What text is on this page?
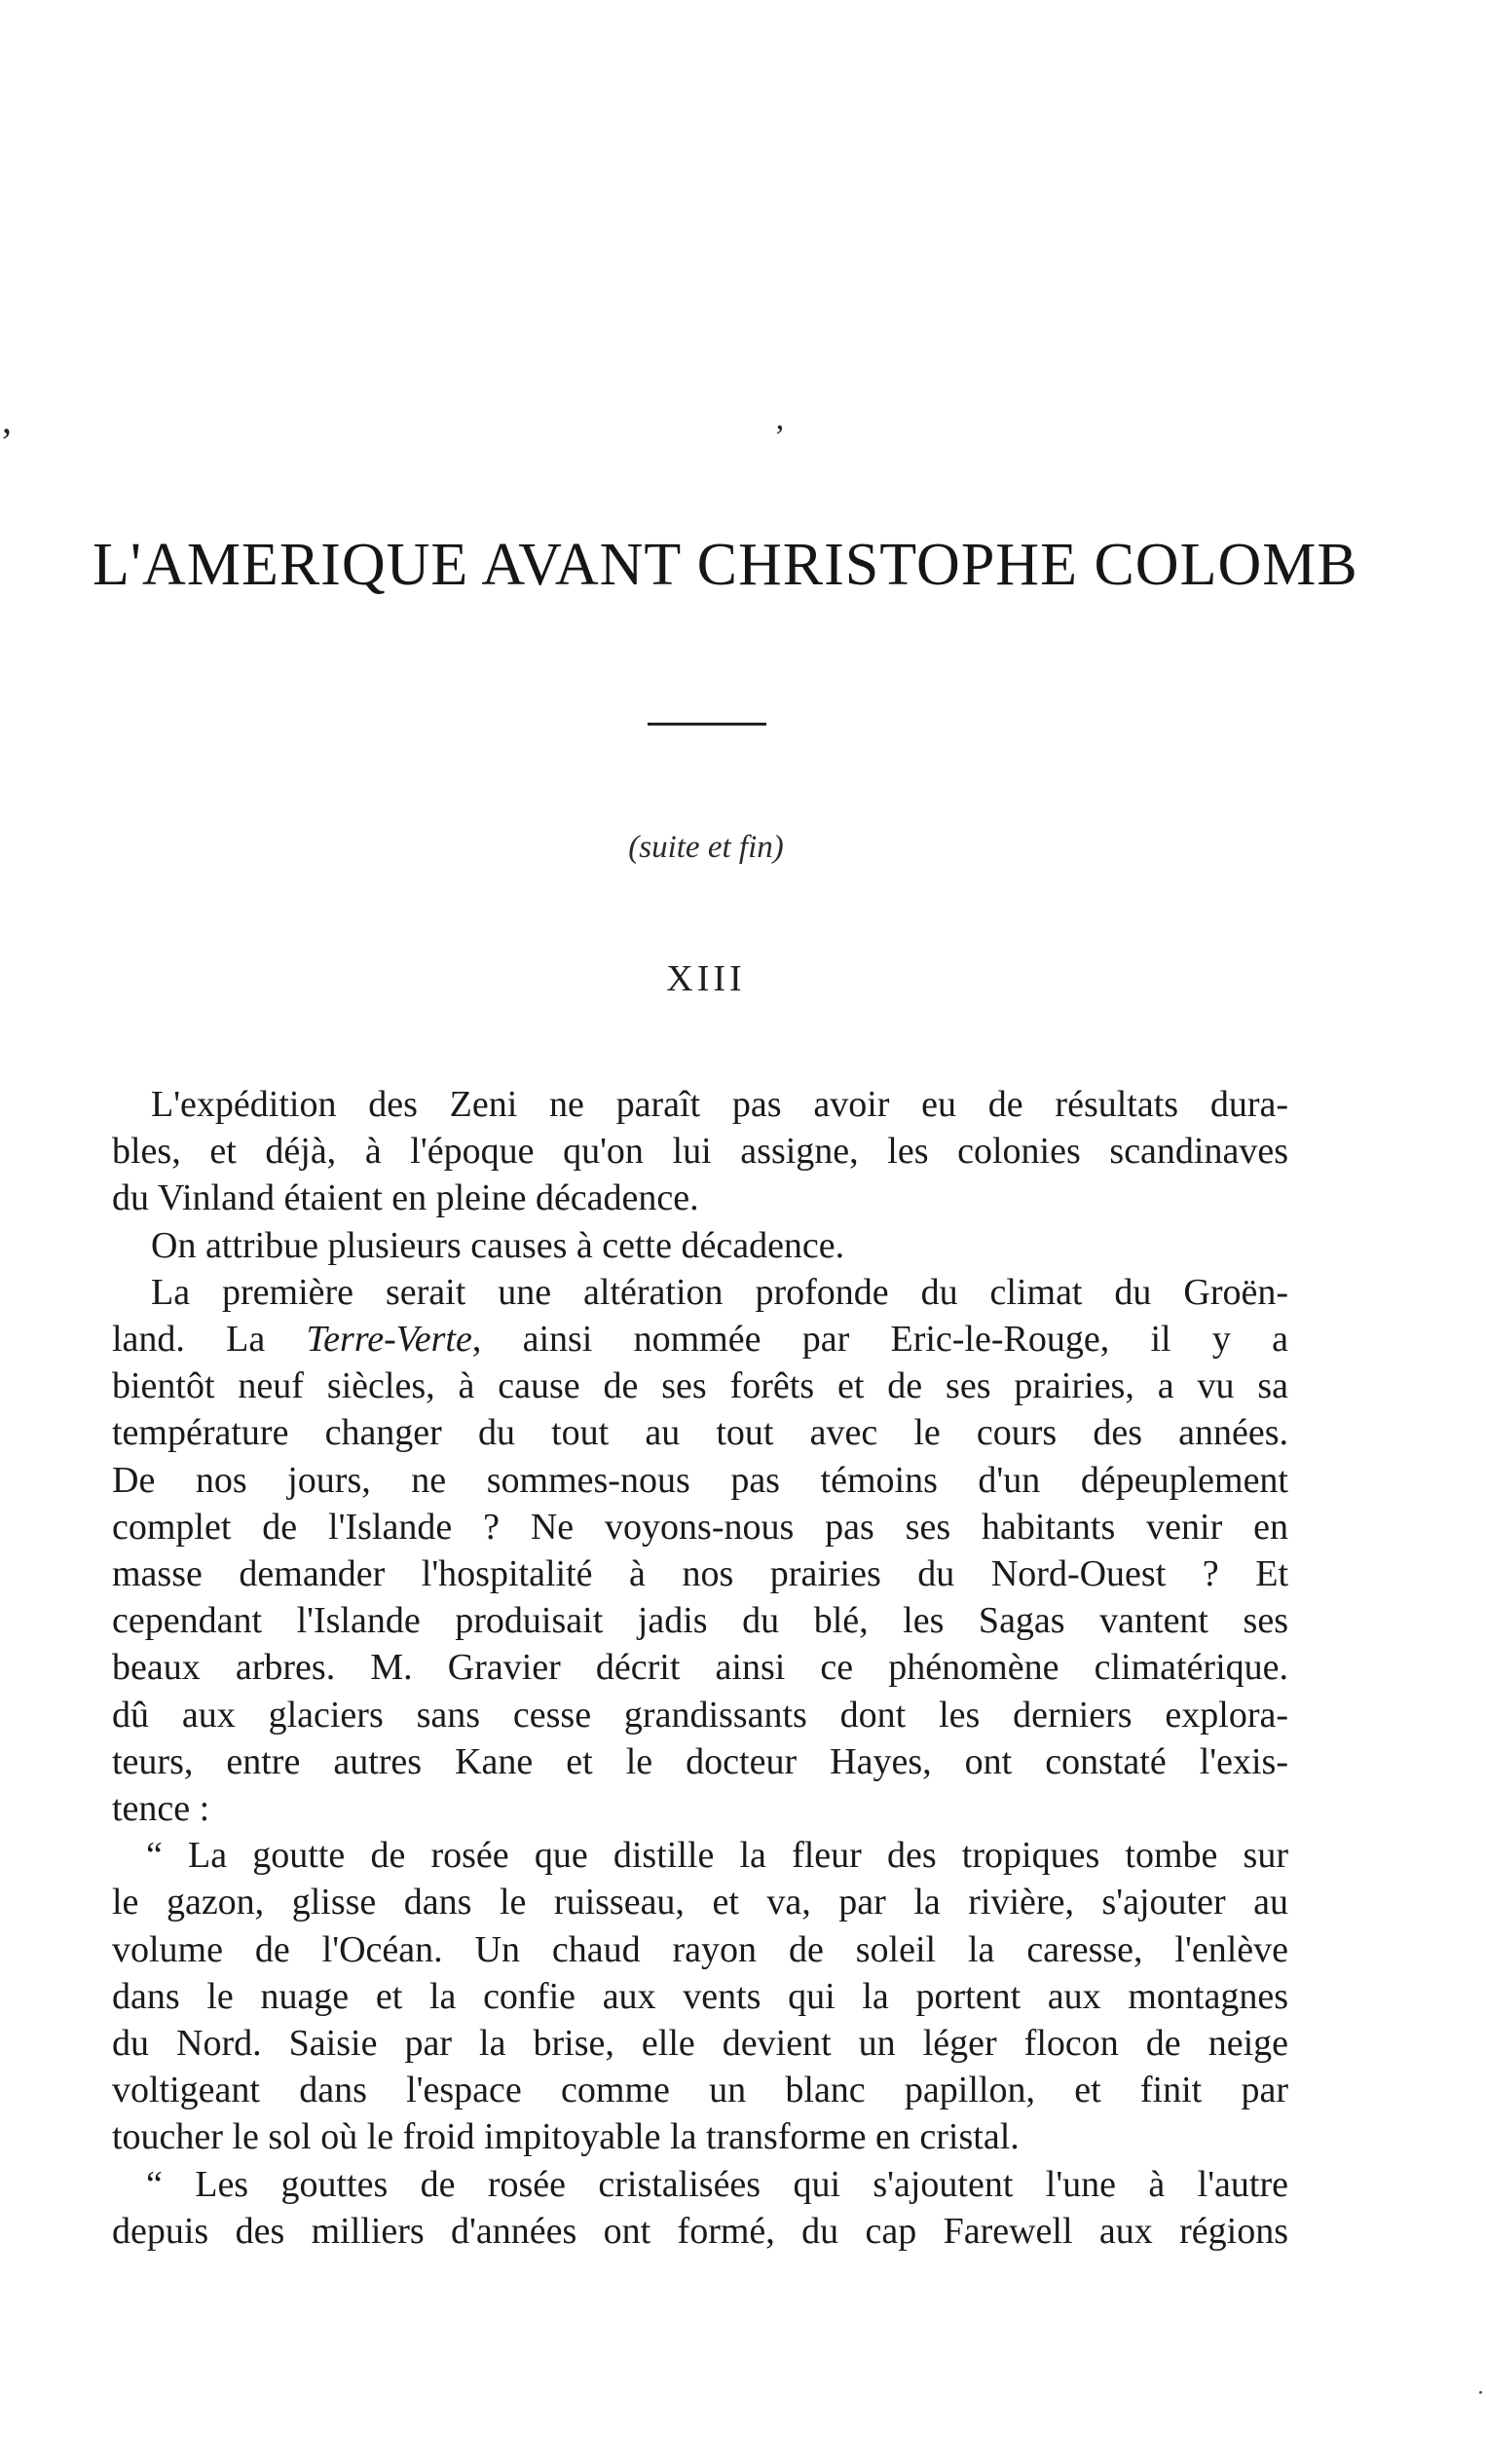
’	’
L'AMERIQUE AVANT CHRISTOPHE COLOMB
(suite et fin)
XIII
L'expédition des Zeni ne paraît pas avoir eu de résultats dura-
bles, et déjà, à l'époque qu'on lui assigne, les colonies scandinaves
du Vinland étaient en pleine décadence.
On attribue plusieurs causes à cette décadence.
La première serait une altération profonde du climat du Groën-
land. La Terre-Verte, ainsi nommée par Eric-le-Rouge, il y a
bientôt neuf siècles, à cause de ses forêts et de ses prairies, a vu sa
température changer du tout au tout avec le cours des années.
De nos jours, ne sommes-nous pas témoins d'un dépeuplement
complet de l'Islande ? Ne voyons-nous pas ses habitants venir en
masse demander l'hospitalité à nos prairies du Nord-Ouest ? Et
cependant l'Islande produisait jadis du blé, les Sagas vantent ses
beaux arbres. M. Gravier décrit ainsi ce phénomène climatérique.
dû aux glaciers sans cesse grandissants dont les derniers explora-
teurs, entre autres Kane et le docteur Hayes, ont constaté l'exis-
tence :
“ La goutte de rosée que distille la fleur des tropiques tombe sur
le gazon, glisse dans le ruisseau, et va, par la rivière, s'ajouter au
volume de l'Océan. Un chaud rayon de soleil la caresse, l'enlève
dans le nuage et la confie aux vents qui la portent aux montagnes
du Nord. Saisie par la brise, elle devient un léger flocon de neige
voltigeant dans l'espace comme un blanc papillon, et finit par
toucher le sol où le froid impitoyable la transforme en cristal.
“ Les gouttes de rosée cristalisées qui s'ajoutent l'une à l'autre
depuis des milliers d'années ont formé, du cap Farewell aux régions
